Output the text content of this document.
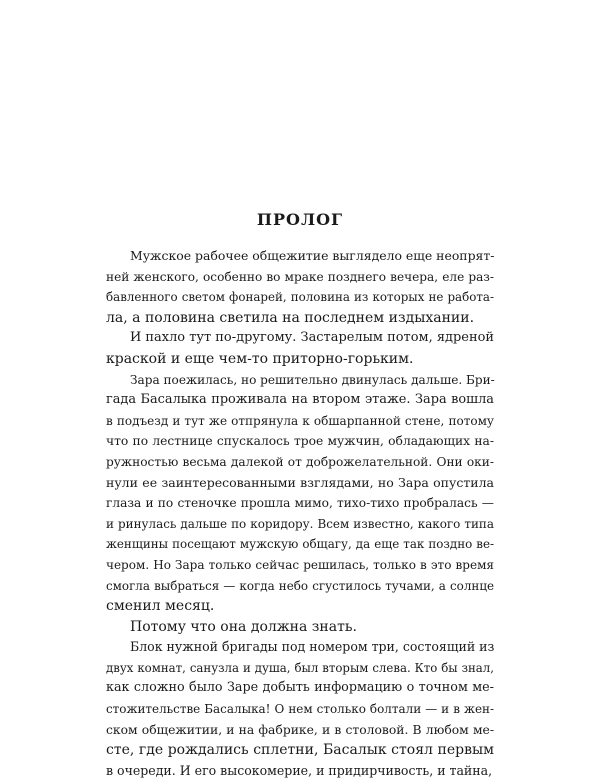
ПРОЛОГ
Мужское рабочее общежитие выглядело еще неопрят-
ней женского, особенно во мраке позднего вечера, еле раз-
бавленного светом фонарей, половина из которых не работа-
ла, а половина светила на последнем издыхании.
И пахло тут по-другому. Застарелым потом, ядреной
краской и еще чем-то приторно-горьким.
Зара поежилась, но решительно двинулась дальше. Бри-
гада Басалыка проживала на втором этаже. Зара вошла
в подъезд и тут же отпрянула к обшарпанной стене, потому
что по лестнице спускалось трое мужчин, обладающих на-
ружностью весьма далекой от доброжелательной. Они оки-
нули ее заинтересованными взглядами, но Зара опустила
глаза и по стеночке прошла мимо, тихо-тихо пробралась —
и ринулась дальше по коридору. Всем известно, какого типа
женщины посещают мужскую общагу, да еще так поздно ве-
чером. Но Зара только сейчас решилась, только в это время
смогла выбраться — когда небо сгустилось тучами, а солнце
сменил месяц.
Потому что она должна знать.
Блок нужной бригады под номером три, состоящий из
двух комнат, санузла и душа, был вторым слева. Кто бы знал,
как сложно было Заре добыть информацию о точном ме-
стожительстве Басалыка! О нем столько болтали — и в жен-
ском общежитии, и на фабрике, и в столовой. В любом ме-
сте, где рождались сплетни, Басалык стоял первым
в очереди. И его высокомерие, и придирчивость, и тайна,
